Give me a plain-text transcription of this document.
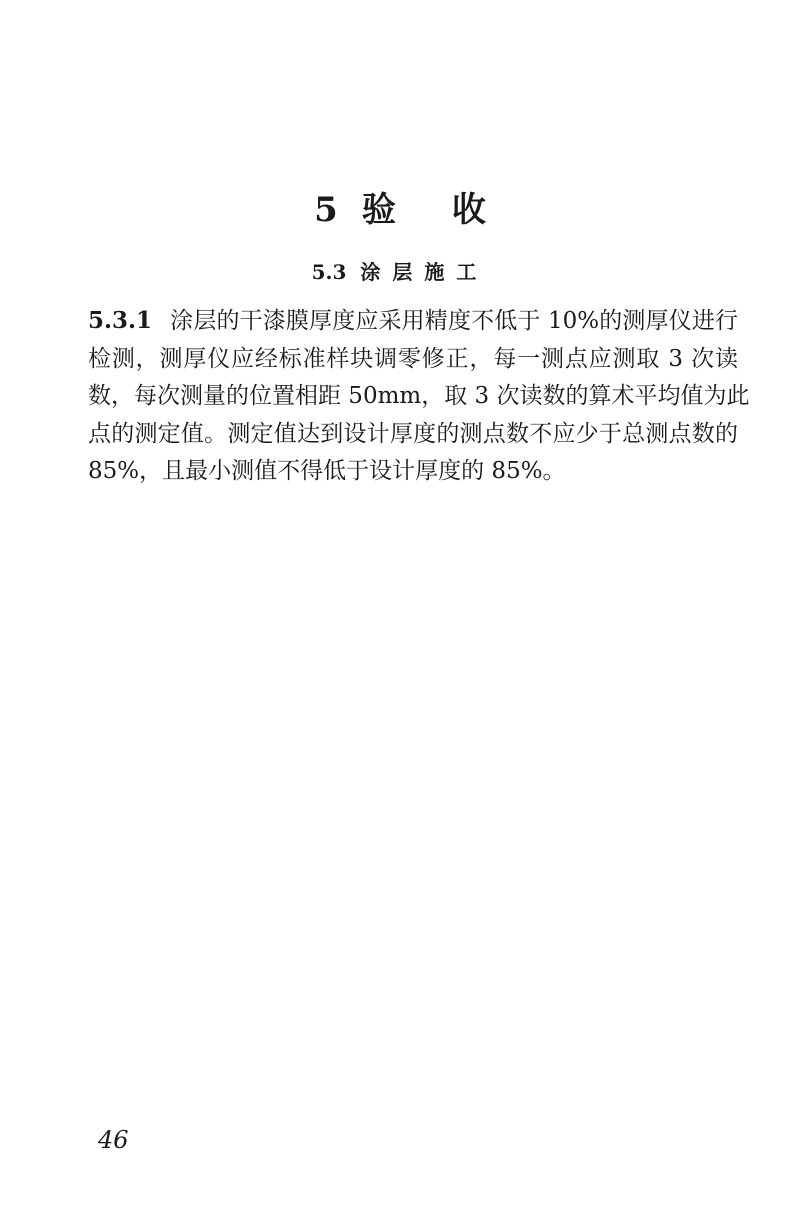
5 验收
5.3 涂层施工
5.3.1 涂层的干漆膜厚度应采用精度不低于 10%的测厚仪进行
检测，测厚仪应经标准样块调零修正，每一测点应测取 3 次读
数，每次测量的位置相距 50mm，取 3 次读数的算术平均值为此
点的测定值。测定值达到设计厚度的测点数不应少于总测点数的
85%，且最小测值不得低于设计厚度的 85%。
46
